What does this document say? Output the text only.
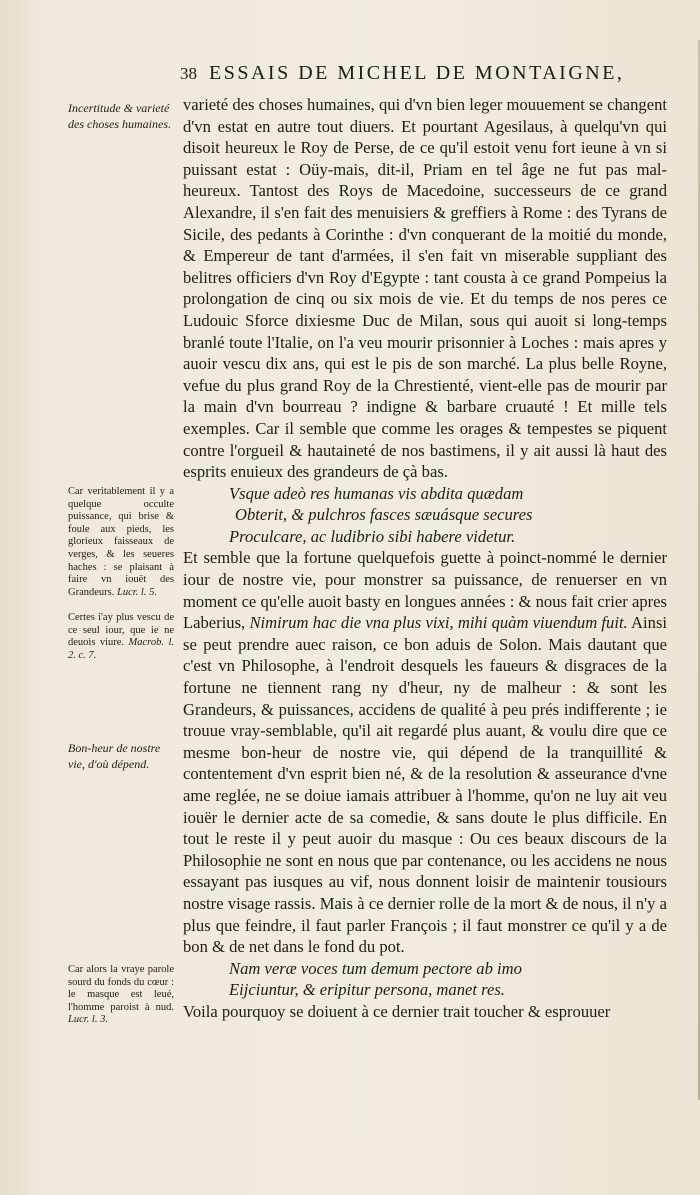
38 ESSAIS DE MICHEL DE MONTAIGNE,
Incertitude & varieté des choses humaines.
Car veritablement il y a quelque occulte puissance, qui brise & foule aux pieds, les glorieux faisseaux de verges, & les seueres haches : se plaisant à faire vn iouët des Grandeurs. Lucr. l. 5.
Certes i'ay plus vescu de ce seul iour, que ie ne deuois viure. Macrob. l. 2. c. 7.
Bon-heur de nostre vie, d'où dépend.
Car alors la vraye parole sourd du fonds du cœur : le masque est leué, l'homme paroist à nud. Lucr. l. 3.

varieté des choses humaines, qui d'vn bien leger mouuement se changent d'vn estat en autre tout diuers. Et pourtant Agesilaus, à quelqu'vn qui disoit heureux le Roy de Perse, de ce qu'il estoit venu fort ieune à vn si puissant estat : Oüy-mais, dit-il, Priam en tel âge ne fut pas mal-heureux. Tantost des Roys de Macedoine, successeurs de ce grand Alexandre, il s'en fait des menuisiers & greffiers à Rome : des Tyrans de Sicile, des pedants à Corinthe : d'vn conquerant de la moitié du monde, & Empereur de tant d'armées, il s'en fait vn miserable suppliant des belitres officiers d'vn Roy d'Egypte : tant cousta à ce grand Pompeius la prolongation de cinq ou six mois de vie. Et du temps de nos peres ce Ludouic Sforce dixiesme Duc de Milan, sous qui auoit si long-temps branlé toute l'Italie, on l'a veu mourir prisonnier à Loches : mais apres y auoir vescu dix ans, qui est le pis de son marché. La plus belle Royne, vefue du plus grand Roy de la Chrestienté, vient-elle pas de mourir par la main d'vn bourreau ? indigne & barbare cruauté ! Et mille tels exemples. Car il semble que comme les orages & tempestes se piquent contre l'orgueil & hautaineté de nos bastimens, il y ait aussi là haut des esprits enuieux des grandeurs de çà bas.

Vsque adeò res humanas vis abdita quædam
Obterit, & pulchros fasces sæuásque secures
Proculcare, ac ludibrio sibi habere videtur.

Et semble que la fortune quelquefois guette à poinct-nommé le dernier iour de nostre vie, pour monstrer sa puissance, de renuerser en vn moment ce qu'elle auoit basty en longues années : & nous fait crier apres Laberius, Nimirum hac die vna plus vixi, mihi quàm viuendum fuit. Ainsi se peut prendre auec raison, ce bon aduis de Solon. Mais dautant que c'est vn Philosophe, à l'endroit desquels les faueurs & disgraces de la fortune ne tiennent rang ny d'heur, ny de malheur : & sont les Grandeurs, & puissances, accidens de qualité à peu prés indifferente ; ie trouue vray-semblable, qu'il ait regardé plus auant, & voulu dire que ce mesme bon-heur de nostre vie, qui dépend de la tranquillité & contentement d'vn esprit bien né, & de la resolution & asseurance d'vne ame reglée, ne se doiue iamais attribuer à l'homme, qu'on ne luy ait veu iouër le dernier acte de sa comedie, & sans doute le plus difficile. En tout le reste il y peut auoir du masque : Ou ces beaux discours de la Philosophie ne sont en nous que par contenance, ou les accidens ne nous essayant pas iusques au vif, nous donnent loisir de maintenir tousiours nostre visage rassis. Mais à ce dernier rolle de la mort & de nous, il n'y a plus que feindre, il faut parler François ; il faut monstrer ce qu'il y a de bon & de net dans le fond du pot.

Nam veræ voces tum demum pectore ab imo
Eijciuntur, & eripitur persona, manet res.

Voila pourquoy se doiuent à ce dernier trait toucher & esprouuer
